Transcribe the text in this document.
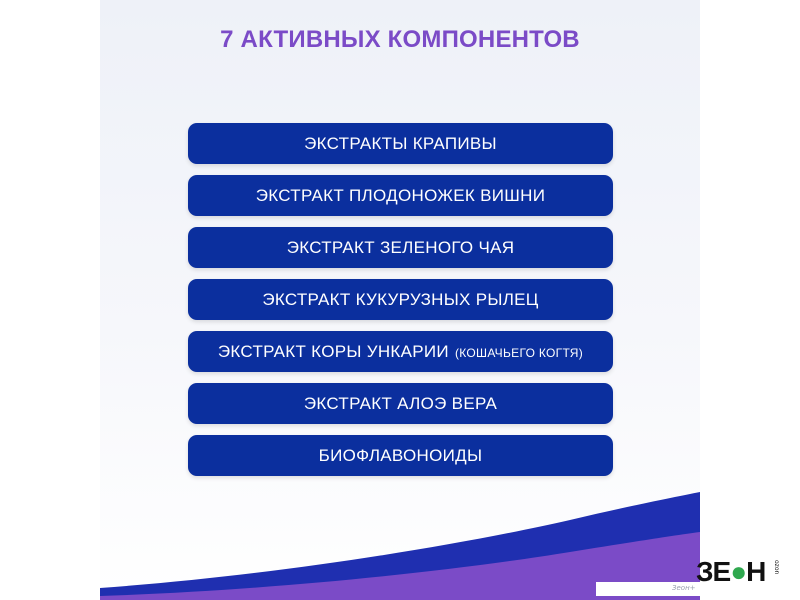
7 АКТИВНЫХ КОМПОНЕНТОВ
ЭКСТРАКТЫ КРАПИВЫ
ЭКСТРАКТ ПЛОДОНОЖЕК ВИШНИ
ЭКСТРАКТ ЗЕЛЕНОГО ЧАЯ
ЭКСТРАКТ КУКУРУЗНЫХ РЫЛЕЦ
ЭКСТРАКТ КОРЫ УНКАРИИ (КОШАЧЬЕГО КОГТЯ)
ЭКСТРАКТ АЛОЭ ВЕРА
БИОФЛАВОНОИДЫ
Зеон+
ЗЕ ● Н	ozon
